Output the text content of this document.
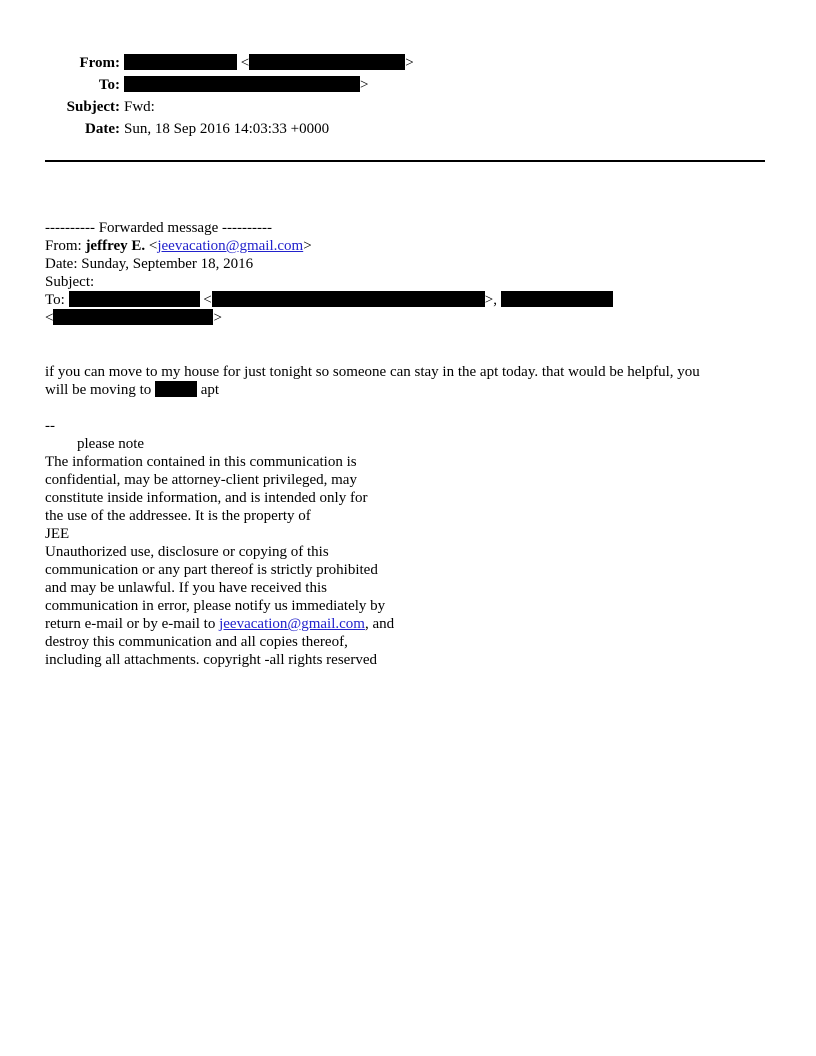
From:	<	>
To:	>
Subject: Fwd:
Date: Sun, 18 Sep 2016 14:03:33 +0000
---------- Forwarded message ----------
From: jeffrey E. <jeevacation@gmail.com>
Date: Sunday, September 18, 2016
Subject:
To:	<	>,
<	>
if you can move to my house for just tonight so someone can stay in the apt today. that would be helpful, you
will be moving to	apt
--
please note
The information contained in this communication is
confidential, may be attorney-client privileged, may
constitute inside information, and is intended only for
the use of the addressee. It is the property of
JEE
Unauthorized use, disclosure or copying of this
communication or any part thereof is strictly prohibited
and may be unlawful. If you have received this
communication in error, please notify us immediately by
return e-mail or by e-mail to jeevacation@gmail.com, and
destroy this communication and all copies thereof,
including all attachments. copyright -all rights reserved
